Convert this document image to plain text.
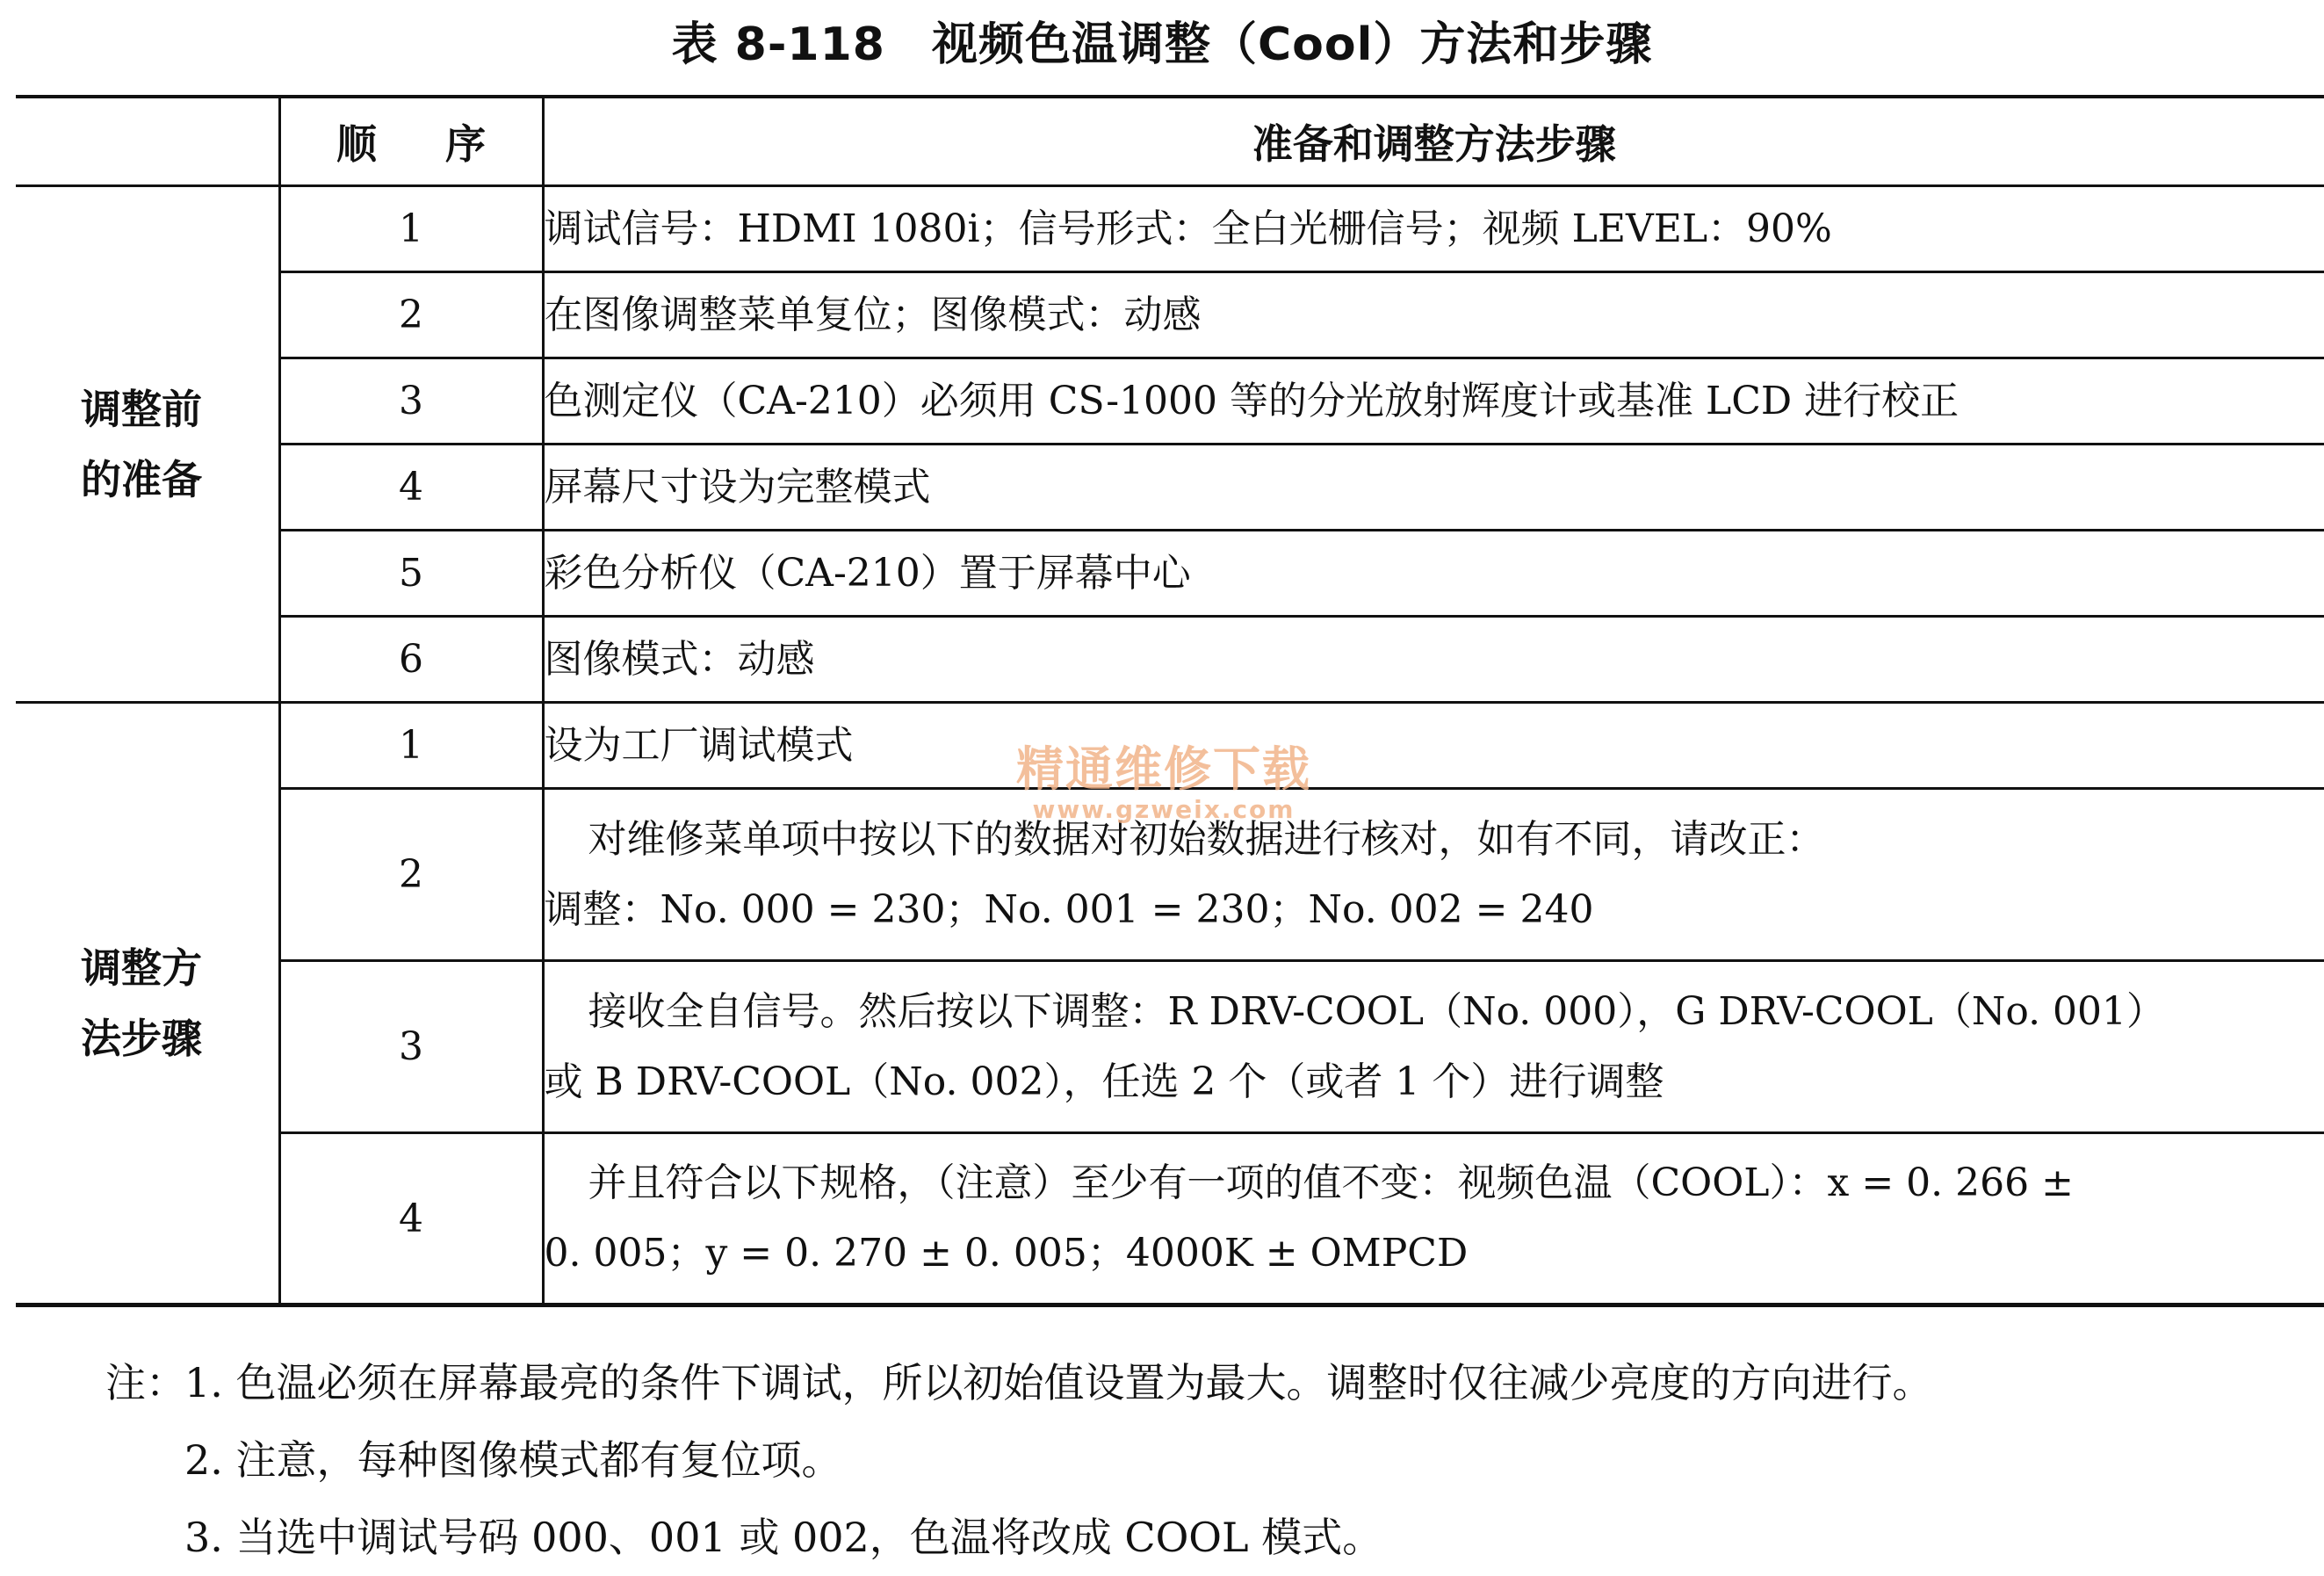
表 8-118　视频色温调整（Cool）方法和步骤
	顺　序	准备和调整方法步骤

调整前
的准备	1	调试信号：HDMI 1080i；信号形式：全白光栅信号；视频 LEVEL：90%
	2	在图像调整菜单复位；图像模式：动感
	3	色测定仪（CA-210）必须用 CS-1000 等的分光放射辉度计或基准 LCD 进行校正
	4	屏幕尺寸设为完整模式
	5	彩色分析仪（CA-210）置于屏幕中心
	6	图像模式：动感

调整方
法步骤	1	设为工厂调试模式
	2	对维修菜单项中按以下的数据对初始数据进行核对，如有不同，请改正：
调整：No. 000 = 230；No. 001 = 230；No. 002 = 240

	3	接收全自信号。然后按以下调整：R DRV-COOL（No. 000），G DRV-COOL（No. 001）
或 B DRV-COOL（No. 002），任选 2 个（或者 1 个）进行调整

	4	并且符合以下规格，（注意）至少有一项的值不变：视频色温（COOL）：x = 0. 266 ±
0. 005；y = 0. 270 ± 0. 005；4000K ± OMPCD
精通维修下载
www.gzweix.com
注：1. 色温必须在屏幕最亮的条件下调试，所以初始值设置为最大。调整时仅往减少亮度的方向进行。
2. 注意，每种图像模式都有复位项。
3. 当选中调试号码 000、001 或 002，色温将改成 COOL 模式。
